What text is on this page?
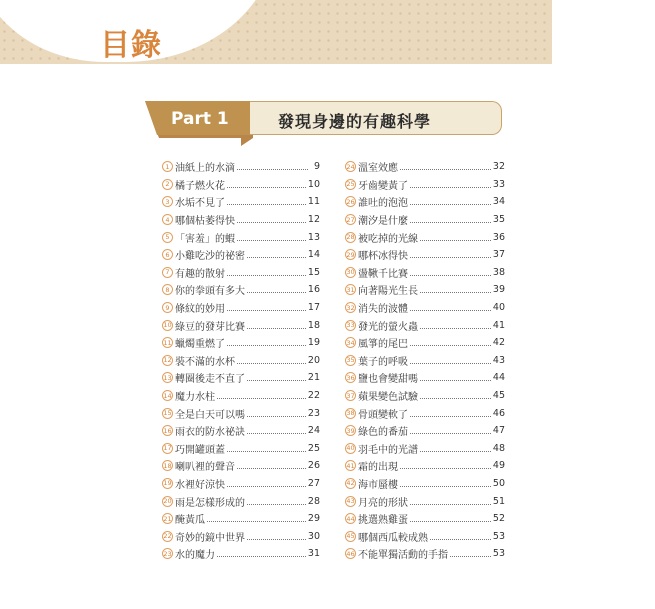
目錄
Part 1	發現身邊的有趣科學
1 油紙上的水滴	9
2 橘子燃火花	10
3 水垢不見了	11
4 哪個枯萎得快	12
5 「害羞」的蝦	13
6 小雞吃沙的祕密	14
7 有趣的散射	15
8 你的拳頭有多大	16
9 條紋的妙用	17
10 綠豆的發芽比賽	18
11 蠟燭重燃了	19
12 裝不滿的水杯	20
13 轉圈後走不直了	21
14 魔力水柱	22
15 全是白天可以嗎	23
16 雨衣的防水祕訣	24
17 巧開罐頭蓋	25
18 喇叭裡的聲音	26
19 水裡好涼快	27
20 雨是怎樣形成的	28
21 醃黃瓜	29
22 奇妙的鏡中世界	30
23 水的魔力	31
24 溫室效應	32
25 牙齒變黃了	33
26 誰吐的泡泡	34
27 潮汐是什麼	35
28 被吃掉的光線	36
29 哪杯冰得快	37
30 盪鞦千比賽	38
31 向著陽光生長	39
32 消失的波體	40
33 發光的螢火蟲	41
34 風箏的尾巴	42
35 葉子的呼吸	43
36 鹽也會變甜嗎	44
37 蘋果變色試驗	45
38 骨頭變軟了	46
39 綠色的番茄	47
40 羽毛中的光譜	48
41 霜的出現	49
42 海市蜃樓	50
43 月亮的形狀	51
44 挑選熟雞蛋	52
45 哪個西瓜較成熟	53
46 不能單獨活動的手指	53
